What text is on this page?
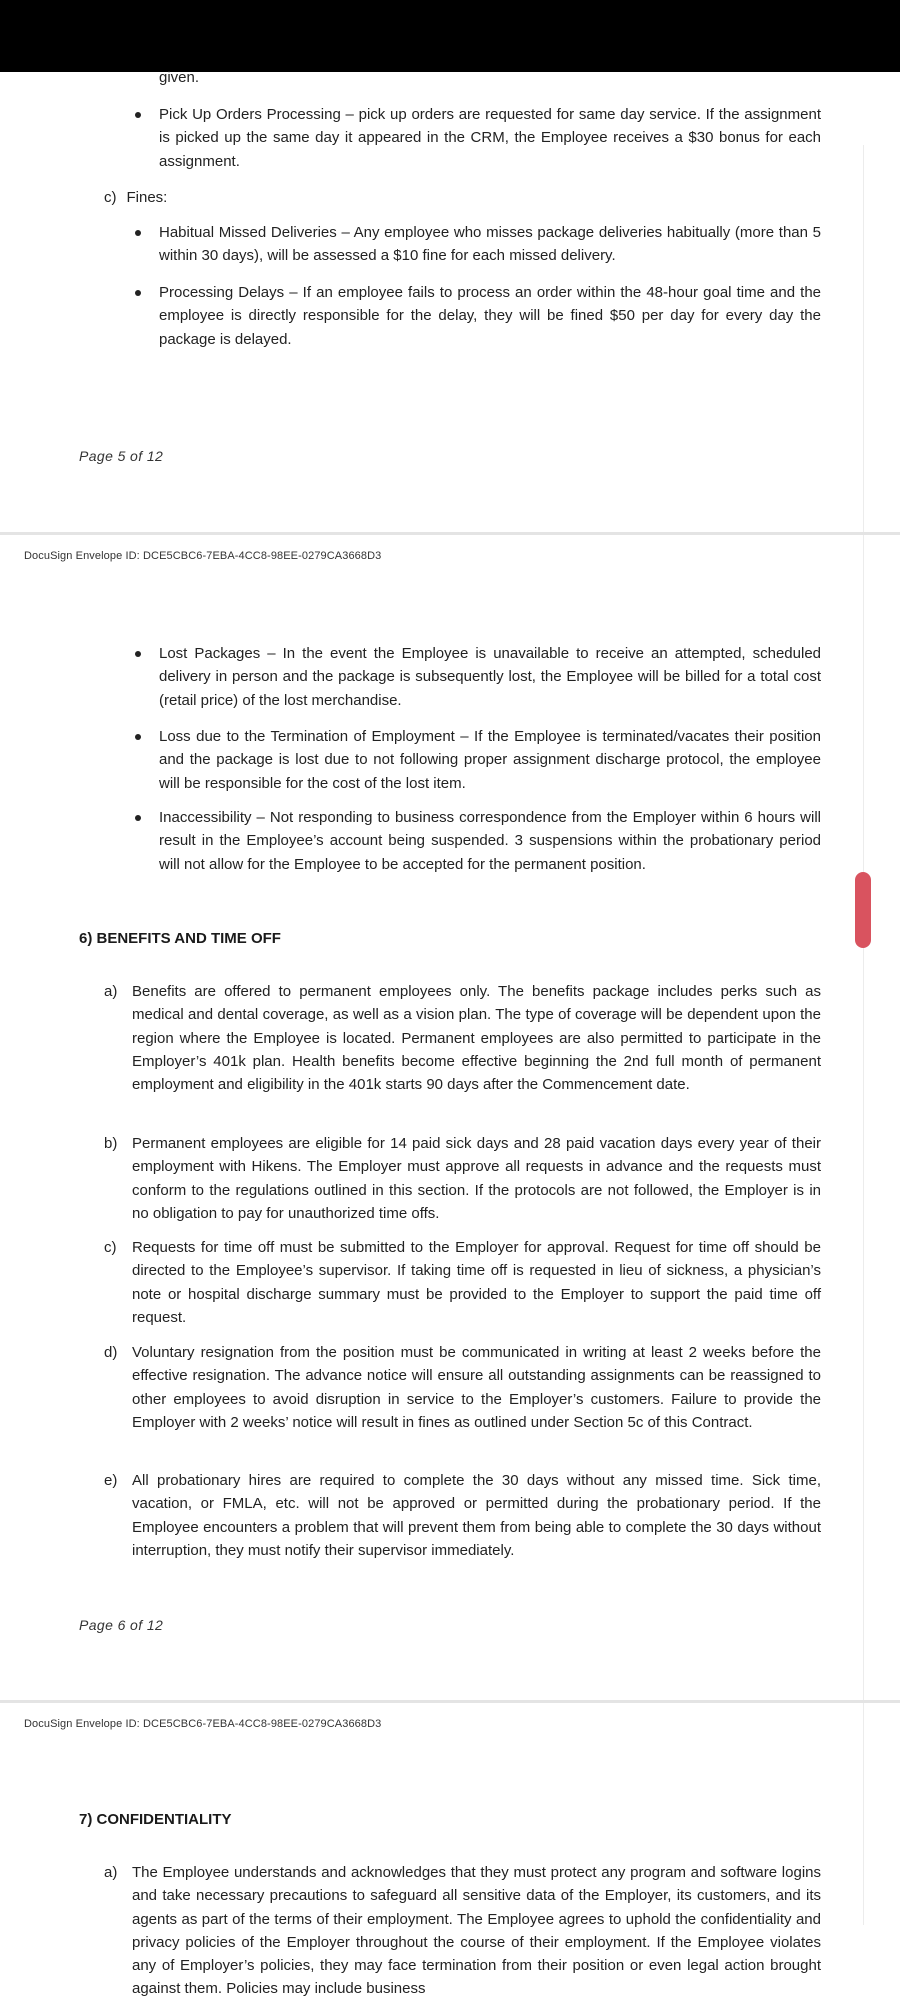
given.
Pick Up Orders Processing – pick up orders are requested for same day service. If the assignment is picked up the same day it appeared in the CRM, the Employee receives a $30 bonus for each assignment.
c) Fines:
Habitual Missed Deliveries – Any employee who misses package deliveries habitually (more than 5 within 30 days), will be assessed a $10 fine for each missed delivery.
Processing Delays – If an employee fails to process an order within the 48-hour goal time and the employee is directly responsible for the delay, they will be fined $50 per day for every day the package is delayed.
Page 5 of 12
DocuSign Envelope ID: DCE5CBC6-7EBA-4CC8-98EE-0279CA3668D3
Lost Packages – In the event the Employee is unavailable to receive an attempted, scheduled delivery in person and the package is subsequently lost, the Employee will be billed for a total cost (retail price) of the lost merchandise.
Loss due to the Termination of Employment – If the Employee is terminated/vacates their position and the package is lost due to not following proper assignment discharge protocol, the employee will be responsible for the cost of the lost item.
Inaccessibility – Not responding to business correspondence from the Employer within 6 hours will result in the Employee’s account being suspended. 3 suspensions within the probationary period will not allow for the Employee to be accepted for the permanent position.
6) BENEFITS AND TIME OFF
a) Benefits are offered to permanent employees only. The benefits package includes perks such as medical and dental coverage, as well as a vision plan. The type of coverage will be dependent upon the region where the Employee is located. Permanent employees are also permitted to participate in the Employer’s 401k plan. Health benefits become effective beginning the 2nd full month of permanent employment and eligibility in the 401k starts 90 days after the Commencement date.
b) Permanent employees are eligible for 14 paid sick days and 28 paid vacation days every year of their employment with Hikens. The Employer must approve all requests in advance and the requests must conform to the regulations outlined in this section. If the protocols are not followed, the Employer is in no obligation to pay for unauthorized time offs.
c) Requests for time off must be submitted to the Employer for approval. Request for time off should be directed to the Employee’s supervisor. If taking time off is requested in lieu of sickness, a physician’s note or hospital discharge summary must be provided to the Employer to support the paid time off request.
d) Voluntary resignation from the position must be communicated in writing at least 2 weeks before the effective resignation. The advance notice will ensure all outstanding assignments can be reassigned to other employees to avoid disruption in service to the Employer’s customers. Failure to provide the Employer with 2 weeks’ notice will result in fines as outlined under Section 5c of this Contract.
e) All probationary hires are required to complete the 30 days without any missed time. Sick time, vacation, or FMLA, etc. will not be approved or permitted during the probationary period. If the Employee encounters a problem that will prevent them from being able to complete the 30 days without interruption, they must notify their supervisor immediately.
Page 6 of 12
DocuSign Envelope ID: DCE5CBC6-7EBA-4CC8-98EE-0279CA3668D3
7) CONFIDENTIALITY
a) The Employee understands and acknowledges that they must protect any program and software logins and take necessary precautions to safeguard all sensitive data of the Employer, its customers, and its agents as part of the terms of their employment. The Employee agrees to uphold the confidentiality and privacy policies of the Employer throughout the course of their employment. If the Employee violates any of Employer’s policies, they may face termination from their position or even legal action brought against them. Policies may include business
